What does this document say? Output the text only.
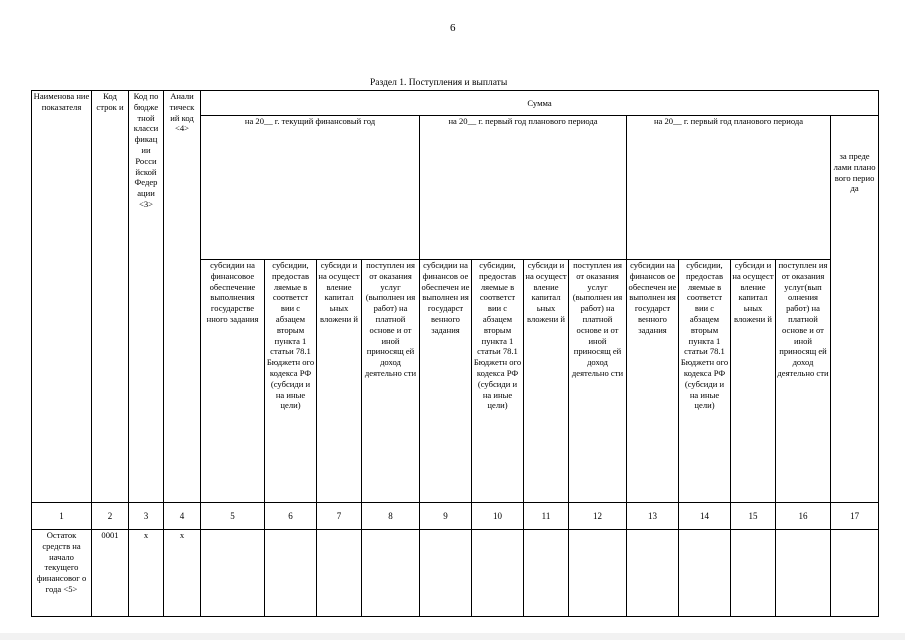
6
Раздел 1. Поступления и выплаты
Наименова ние показателя	Код строк и	Код по бюдже тной класси фикац ии Росси йской Федер ации <3>	Анали тическ ий код <4>	Сумма												
				на 20__ г. текущий финансовый год				на 20__ г. первый год планового периода				на 20__ г. первый год планового периода				за преде лами плано вого перио да
				субсидии на финансовое обеспечение выполнения государстве нного задания	субсидии, предостав ляемые в соответст вии с абзацем вторым пункта 1 статьи 78.1 Бюджетн ого кодекса РФ (субсиди и на иные цели)	субсиди и на осущест вление капитал ьных вложени й	поступлен ия от оказания услуг (выполнен ия работ) на платной основе и от иной приносящ ей доход деятельно сти	субсидии на финансов ое обеспечен ие выполнен ия государст венного задания	субсидии, предостав ляемые в соответст вии с абзацем вторым пункта 1 статьи 78.1 Бюджетн ого кодекса РФ (субсиди и на иные цели)	субсиди и на осущест вление капитал ьных вложени й	поступлен ия от оказания услуг (выполнен ия работ) на платной основе и от иной приносящ ей доход деятельно сти	субсидии на финансов ое обеспечен ие выполнен ия государст венного задания	субсидии, предостав ляемые в соответст вии с абзацем вторым пункта 1 статьи 78.1 Бюджетн ого кодекса РФ (субсиди и на иные цели)	субсиди и на осущест вление капитал ьных вложени й	поступлен ия от оказания услуг(вып олнения работ) на платной основе и от иной приносящ ей доход деятельно сти	
1	2	3	4	5	6	7	8	9	10	11	12	13	14	15	16	17
Остаток средств на начало текущего финансовог о года <5>	0001	x	x													
